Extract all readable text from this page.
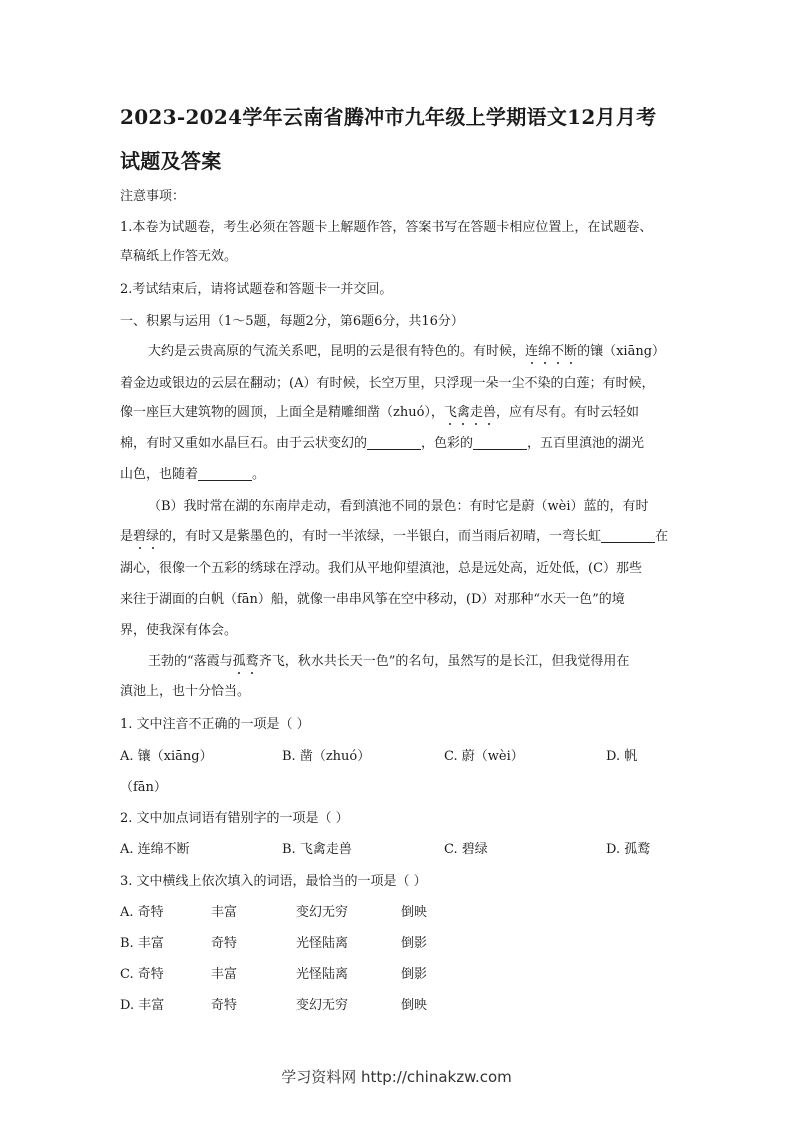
2023-2024学年云南省腾冲市九年级上学期语文12月月考
试题及答案
注意事项：
1.本卷为试题卷，考生必须在答题卡上解题作答，答案书写在答题卡相应位置上，在试题卷、
草稿纸上作答无效。
2.考试结束后，请将试题卷和答题卡一并交回。
一、积累与运用（1～5题，每题2分，第6题6分，共16分）
大约是云贵高原的气流关系吧，昆明的云是很有特色的。有时候，连绵不断的镶（xiāng）
着金边或银边的云层在翻动；(A）有时候，长空万里，只浮现一朵一尘不染的白莲；有时候，
像一座巨大建筑物的圆顶，上面全是精雕细凿（zhuó），飞禽走兽，应有尽有。有时云轻如
棉，有时又重如水晶巨石。由于云状变幻的	，色彩的	，五百里滇池的湖光
山色，也随着	。
（B）我时常在湖的东南岸走动，看到滇池不同的景色：有时它是蔚（wèi）蓝的，有时
是碧绿的，有时又是紫墨色的，有时一半浓绿，一半银白，而当雨后初晴，一弯长虹	在
湖心，很像一个五彩的绣球在浮动。我们从平地仰望滇池，总是远处高，近处低，(C）那些
来往于湖面的白帆（fān）船，就像一串串风筝在空中移动，(D）对那种“水天一色”的境
界，使我深有体会。
王勃的“落霞与孤鹜齐飞，秋水共长天一色”的名句，虽然写的是长江，但我觉得用在
滇池上，也十分恰当。
1. 文中注音不正确的一项是（ ）
A. 镶（xiāng）	B. 凿（zhuó）	C. 蔚（wèi）	D. 帆
（fān）
2. 文中加点词语有错别字的一项是（ ）
A. 连绵不断	B. 飞禽走兽	C. 碧绿	D. 孤鹜
3. 文中横线上依次填入的词语，最恰当的一项是（ ）
A. 奇特	丰富	变幻无穷	倒映
B. 丰富	奇特	光怪陆离	倒影
C. 奇特	丰富	光怪陆离	倒影
D. 丰富	奇特	变幻无穷	倒映
学习资料网 http://chinakzw.com
